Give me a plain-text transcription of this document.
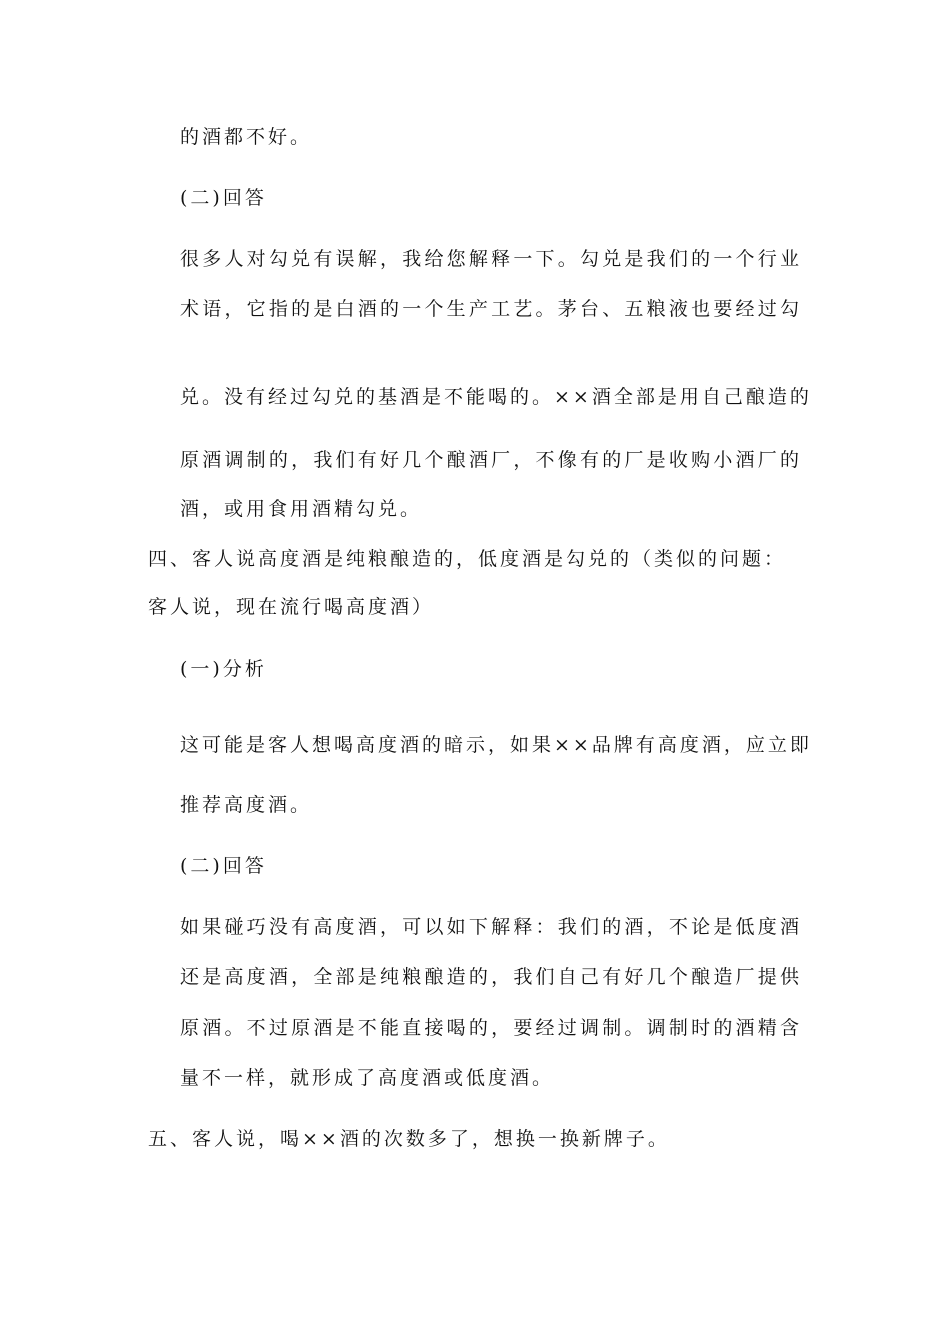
的酒都不好。
(二)回答
很多人对勾兑有误解，我给您解释一下。勾兑是我们的一个行业
术语，它指的是白酒的一个生产工艺。茅台、五粮液也要经过勾
兑。没有经过勾兑的基酒是不能喝的。××酒全部是用自己酿造的
原酒调制的，我们有好几个酿酒厂，不像有的厂是收购小酒厂的
酒，或用食用酒精勾兑。
四、客人说高度酒是纯粮酿造的，低度酒是勾兑的（类似的问题：
客人说，现在流行喝高度酒）
(一)分析
这可能是客人想喝高度酒的暗示，如果××品牌有高度酒，应立即
推荐高度酒。
(二)回答
如果碰巧没有高度酒，可以如下解释：我们的酒，不论是低度酒
还是高度酒，全部是纯粮酿造的，我们自己有好几个酿造厂提供
原酒。不过原酒是不能直接喝的，要经过调制。调制时的酒精含
量不一样，就形成了高度酒或低度酒。
五、客人说，喝××酒的次数多了，想换一换新牌子。
